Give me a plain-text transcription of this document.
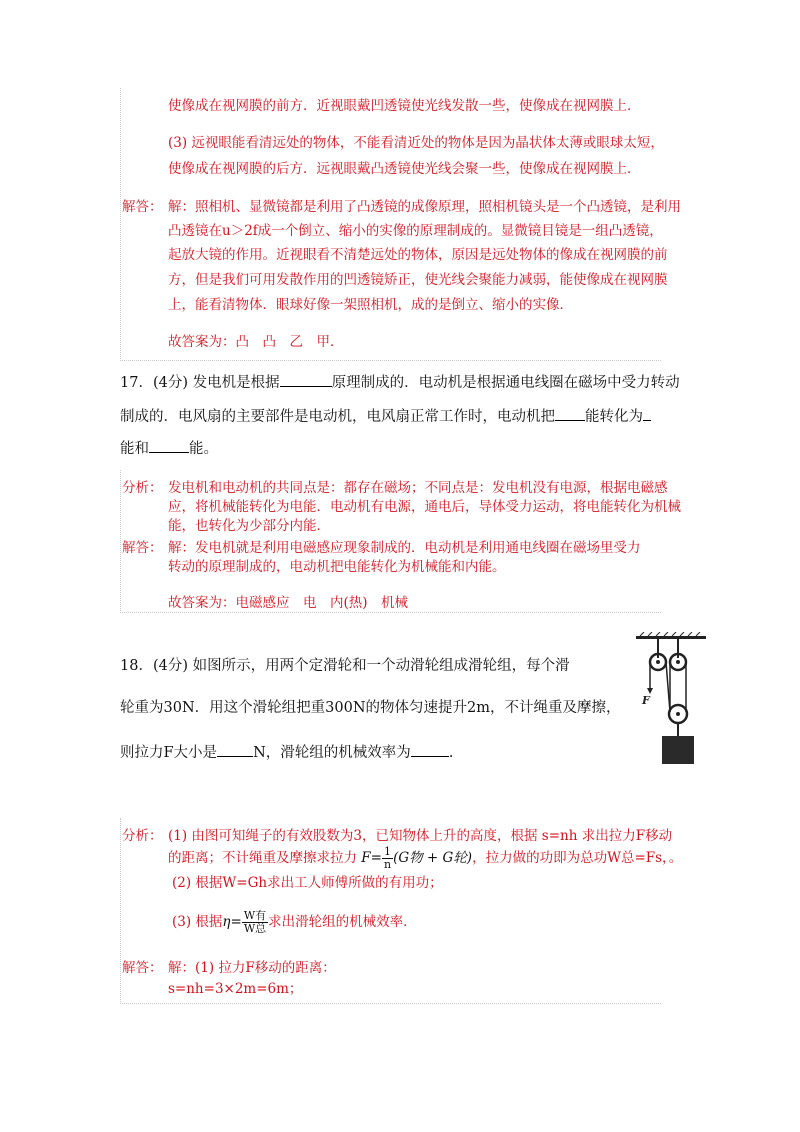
使像成在视网膜的前方．近视眼戴凹透镜使光线发散一些，使像成在视网膜上．
(3) 远视眼能看清远处的物体，不能看清近处的物体是因为晶状体太薄或眼球太短，
使像成在视网膜的后方．远视眼戴凸透镜使光线会聚一些，使像成在视网膜上．
解答： 解：照相机、显微镜都是利用了凸透镜的成像原理，照相机镜头是一个凸透镜，是利用
凸透镜在u＞2f成一个倒立、缩小的实像的原理制成的。显微镜目镜是一组凸透镜，
起放大镜的作用。近视眼看不清楚远处的物体，原因是远处物体的像成在视网膜的前
方，但是我们可用发散作用的凹透镜矫正，使光线会聚能力减弱，能使像成在视网膜
上，能看清物体．眼球好像一架照相机，成的是倒立、缩小的实像．
故答案为：凸　凸　乙　甲．
17．(4分) 发电机是根据	原理制成的．电动机是根据通电线圈在磁场中受力转动
制成的．电风扇的主要部件是电动机，电风扇正常工作时，电动机把 能转化为
能和	能。
分析： 发电机和电动机的共同点是：都存在磁场；不同点是：发电机没有电源，根据电磁感
应，将机械能转化为电能．电动机有电源，通电后，导体受力运动，将电能转化为机械
能，也转化为少部分内能．
解答： 解：发电机就是利用电磁感应现象制成的．电动机是利用通电线圈在磁场里受力
转动的原理制成的，电动机把电能转化为机械能和内能。
故答案为：电磁感应　电　内(热)　机械
18．(4分) 如图所示，用两个定滑轮和一个动滑轮组成滑轮组，每个滑
轮重为30N．用这个滑轮组把重300N的物体匀速提升2m，不计绳重及摩擦，
则拉力F大小是 N，滑轮组的机械效率为	.
F
分析： (1) 由图可知绳子的有效股数为3，已知物体上升的高度，根据 s=nh 求出拉力F移动
的距离；不计绳重及摩擦求拉力 $F= \frac{1}{n} (G$物 + G轮)，拉力做的功即为总功W总=Fs，。
(2) 根据W=Gh求出工人师傅所做的有用功；
(3) 根据$\eta= \frac{\text{W有}}{\text{W总}}$ 求出滑轮组的机械效率．
解答： 解：(1) 拉力F移动的距离：
s=nh=3×2m=6m；
